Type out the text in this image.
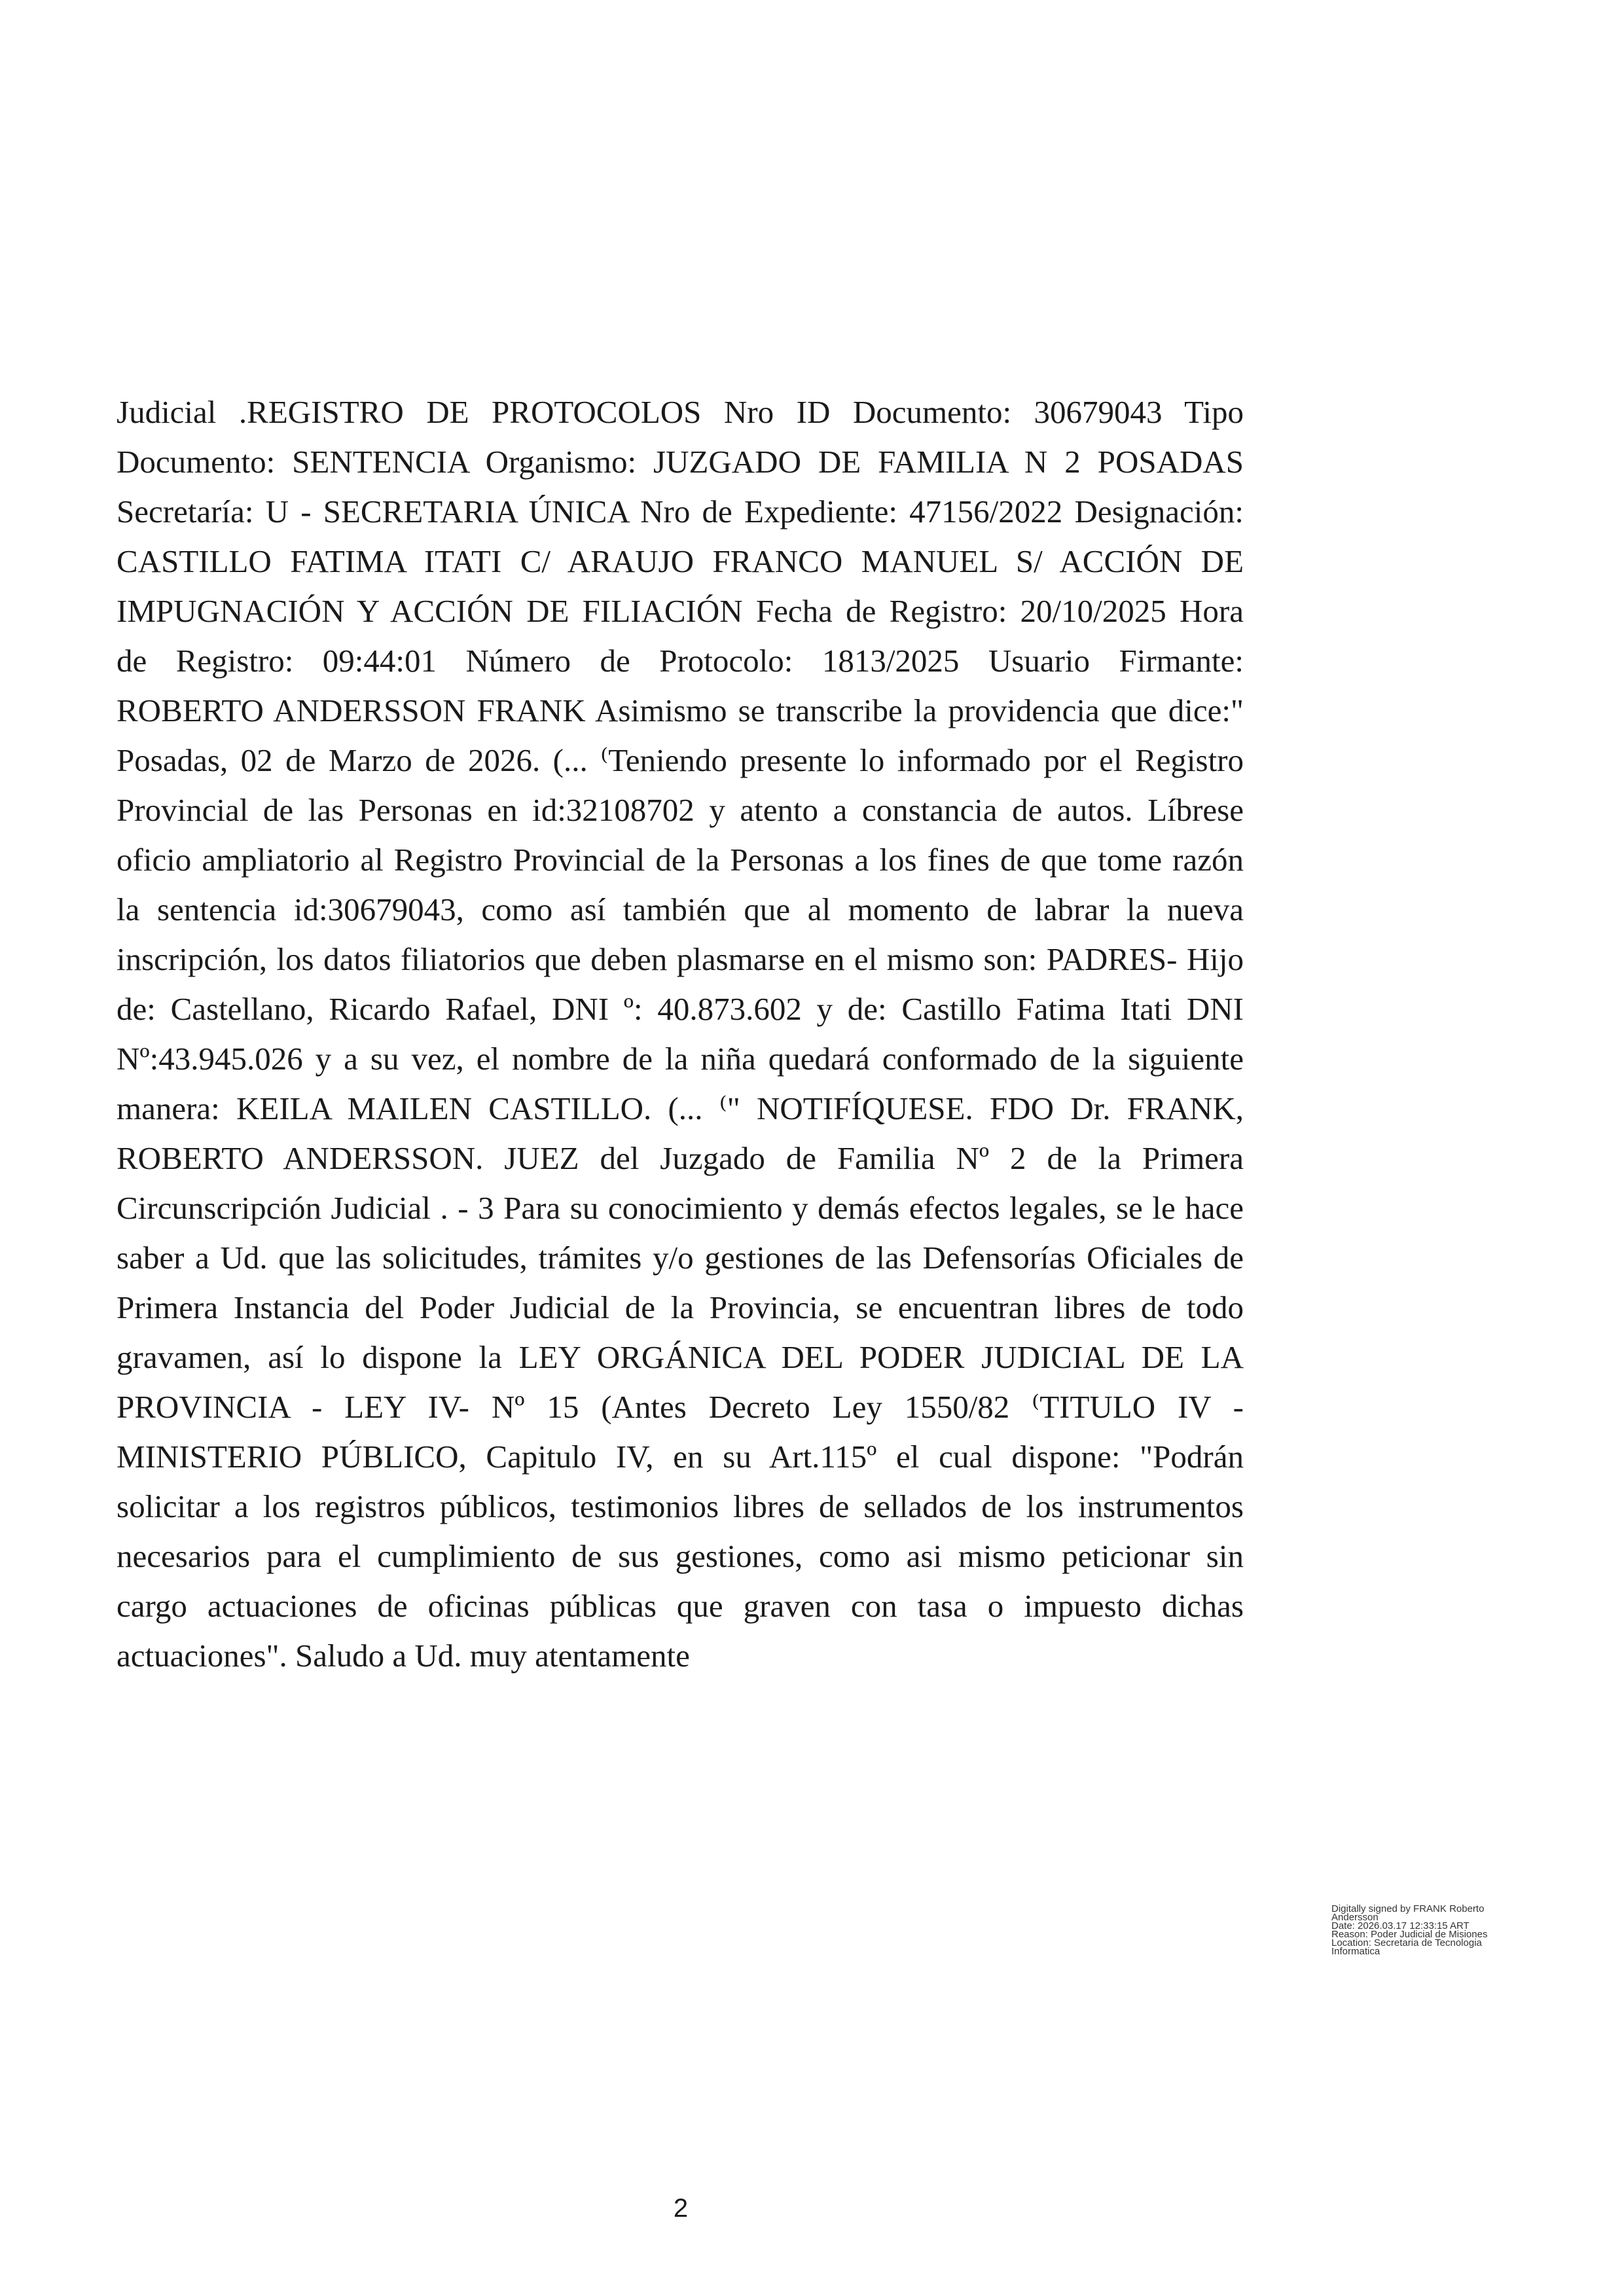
Judicial .REGISTRO DE PROTOCOLOS Nro ID Documento: 30679043 Tipo
Documento: SENTENCIA Organismo: JUZGADO DE FAMILIA N 2 POSADAS
Secretaría: U - SECRETARIA ÚNICA Nro de Expediente: 47156/2022 Designación:
CASTILLO FATIMA ITATI C/ ARAUJO FRANCO MANUEL S/ ACCIÓN DE
IMPUGNACIÓN Y ACCIÓN DE FILIACIÓN Fecha de Registro: 20/10/2025 Hora
de Registro: 09:44:01 Número de Protocolo: 1813/2025 Usuario Firmante:
ROBERTO ANDERSSON FRANK Asimismo se transcribe la providencia que dice:"
Posadas, 02 de Marzo de 2026. (... ⁽Teniendo presente lo informado por el Registro
Provincial de las Personas en id:32108702 y atento a constancia de autos. Líbrese
oficio ampliatorio al Registro Provincial de la Personas a los fines de que tome razón
la sentencia id:30679043, como así también que al momento de labrar la nueva
inscripción, los datos filiatorios que deben plasmarse en el mismo son: PADRES- Hijo
de: Castellano, Ricardo Rafael, DNI º: 40.873.602 y de: Castillo Fatima Itati DNI
Nº:43.945.026 y a su vez, el nombre de la niña quedará conformado de la siguiente
manera: KEILA MAILEN CASTILLO. (... ⁽" NOTIFÍQUESE. FDO Dr. FRANK,
ROBERTO ANDERSSON. JUEZ del Juzgado de Familia Nº 2 de la Primera
Circunscripción Judicial . - 3 Para su conocimiento y demás efectos legales, se le hace
saber a Ud. que las solicitudes, trámites y/o gestiones de las Defensorías Oficiales de
Primera Instancia del Poder Judicial de la Provincia, se encuentran libres de todo
gravamen, así lo dispone la LEY ORGÁNICA DEL PODER JUDICIAL DE LA
PROVINCIA - LEY IV- Nº 15 (Antes Decreto Ley 1550/82 ⁽TITULO IV -
MINISTERIO PÚBLICO, Capitulo IV, en su Art.115º el cual dispone: "Podrán
solicitar a los registros públicos, testimonios libres de sellados de los instrumentos
necesarios para el cumplimiento de sus gestiones, como asi mismo peticionar sin
cargo actuaciones de oficinas públicas que graven con tasa o impuesto dichas
actuaciones". Saludo a Ud. muy atentamente
Digitally signed by FRANK Roberto
Andersson
Date: 2026.03.17 12:33:15 ART
Reason: Poder Judicial de Misiones
Location: Secretaria de Tecnologia
Informatica
2
